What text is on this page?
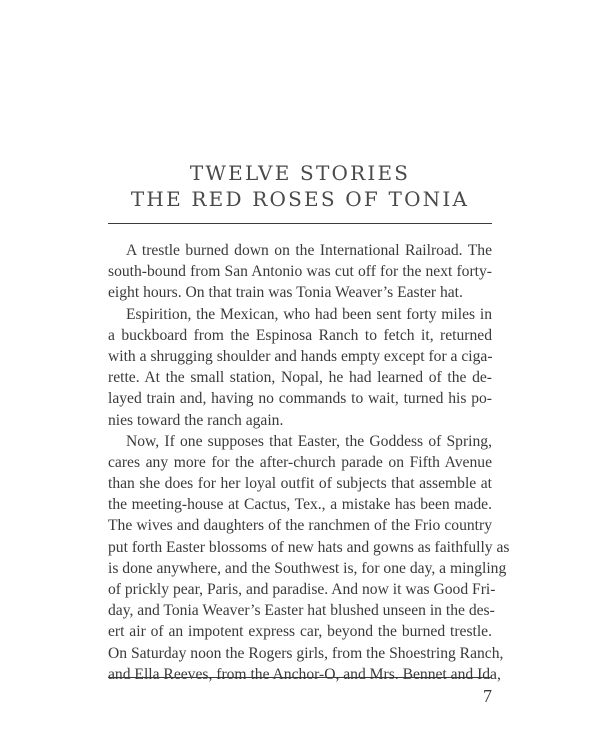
TWELVE STORIES
THE RED ROSES OF TONIA
A trestle burned down on the International Railroad. The
south-bound from San Antonio was cut off for the next forty-
eight hours. On that train was Tonia Weaver’s Easter hat.
Espirition, the Mexican, who had been sent forty miles in
a buckboard from the Espinosa Ranch to fetch it, returned
with a shrugging shoulder and hands empty except for a ciga-
rette. At the small station, Nopal, he had learned of the de-
layed train and, having no commands to wait, turned his po-
nies toward the ranch again.
Now, If one supposes that Easter, the Goddess of Spring,
cares any more for the after-church parade on Fifth Avenue
than she does for her loyal outfit of subjects that assemble at
the meeting-house at Cactus, Tex., a mistake has been made.
The wives and daughters of the ranchmen of the Frio country
put forth Easter blossoms of new hats and gowns as faithfully as
is done anywhere, and the Southwest is, for one day, a mingling
of prickly pear, Paris, and paradise. And now it was Good Fri-
day, and Tonia Weaver’s Easter hat blushed unseen in the des-
ert air of an impotent express car, beyond the burned trestle.
On Saturday noon the Rogers girls, from the Shoestring Ranch,
and Ella Reeves, from the Anchor-O, and Mrs. Bennet and Ida,
7
